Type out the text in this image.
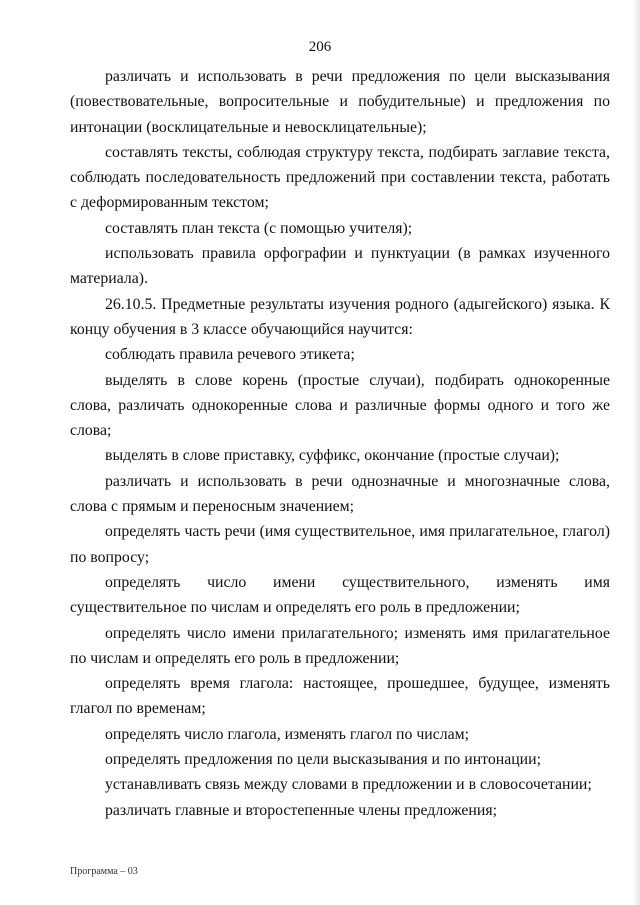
206

различать и использовать в речи предложения по цели высказывания (повествовательные, вопросительные и побудительные) и предложения по интонации (восклицательные и невосклицательные);

составлять тексты, соблюдая структуру текста, подбирать заглавие текста, соблюдать последовательность предложений при составлении текста, работать с деформированным текстом;

составлять план текста (с помощью учителя);

использовать правила орфографии и пунктуации (в рамках изученного материала).

26.10.5. Предметные результаты изучения родного (адыгейского) языка. К концу обучения в 3 классе обучающийся научится:

соблюдать правила речевого этикета;

выделять в слове корень (простые случаи), подбирать однокоренные слова, различать однокоренные слова и различные формы одного и того же слова;

выделять в слове приставку, суффикс, окончание (простые случаи);

различать и использовать в речи однозначные и многозначные слова, слова с прямым и переносным значением;

определять часть речи (имя существительное, имя прилагательное, глагол) по вопросу;

определять число имени существительного, изменять имя существительное по числам и определять его роль в предложении;

определять число имени прилагательного; изменять имя прилагательное по числам и определять его роль в предложении;

определять время глагола: настоящее, прошедшее, будущее, изменять глагол по временам;

определять число глагола, изменять глагол по числам;

определять предложения по цели высказывания и по интонации;

устанавливать связь между словами в предложении и в словосочетании;

различать главные и второстепенные члены предложения;

Программа – 03
